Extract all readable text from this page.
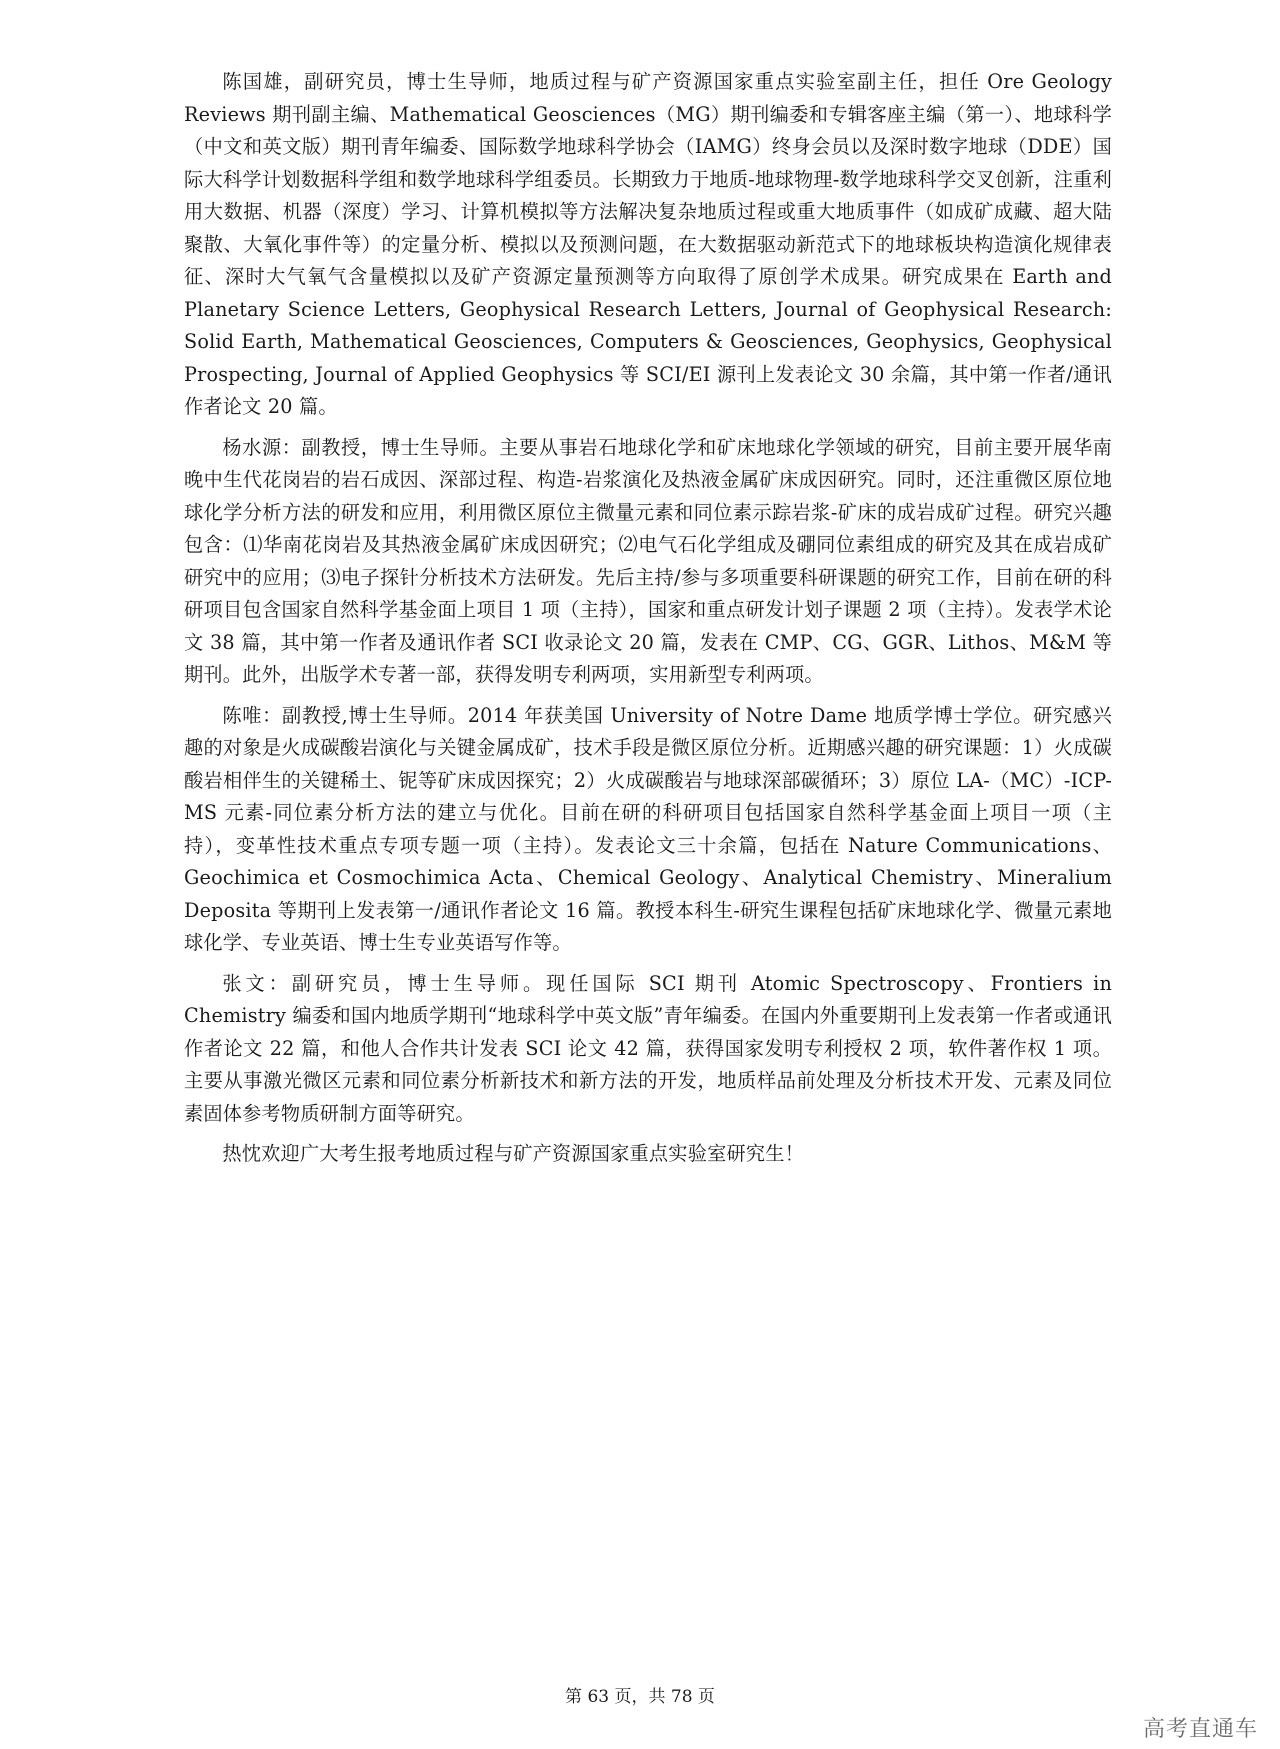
陈国雄，副研究员，博士生导师，地质过程与矿产资源国家重点实验室副主任，担任 Ore Geology Reviews 期刊副主编、Mathematical Geosciences（MG）期刊编委和专辑客座主编（第一）、地球科学（中文和英文版）期刊青年编委、国际数学地球科学协会（IAMG）终身会员以及深时数字地球（DDE）国际大科学计划数据科学组和数学地球科学组委员。长期致力于地质-地球物理-数学地球科学交叉创新，注重利用大数据、机器（深度）学习、计算机模拟等方法解决复杂地质过程或重大地质事件（如成矿成藏、超大陆聚散、大氧化事件等）的定量分析、模拟以及预测问题，在大数据驱动新范式下的地球板块构造演化规律表征、深时大气氧气含量模拟以及矿产资源定量预测等方向取得了原创学术成果。研究成果在 Earth and Planetary Science Letters, Geophysical Research Letters, Journal of Geophysical Research: Solid Earth, Mathematical Geosciences, Computers & Geosciences, Geophysics, Geophysical Prospecting, Journal of Applied Geophysics 等 SCI/EI 源刊上发表论文 30 余篇，其中第一作者/通讯作者论文 20 篇。

杨水源：副教授，博士生导师。主要从事岩石地球化学和矿床地球化学领域的研究，目前主要开展华南晚中生代花岗岩的岩石成因、深部过程、构造-岩浆演化及热液金属矿床成因研究。同时，还注重微区原位地球化学分析方法的研发和应用，利用微区原位主微量元素和同位素示踪岩浆-矿床的成岩成矿过程。研究兴趣包含：⑴华南花岗岩及其热液金属矿床成因研究；⑵电气石化学组成及硼同位素组成的研究及其在成岩成矿研究中的应用；⑶电子探针分析技术方法研发。先后主持/参与多项重要科研课题的研究工作，目前在研的科研项目包含国家自然科学基金面上项目 1 项（主持），国家和重点研发计划子课题 2 项（主持）。发表学术论文 38 篇，其中第一作者及通讯作者 SCI 收录论文 20 篇，发表在 CMP、CG、GGR、Lithos、M&M 等期刊。此外，出版学术专著一部，获得发明专利两项，实用新型专利两项。

陈唯：副教授,博士生导师。2014 年获美国 University of Notre Dame 地质学博士学位。研究感兴趣的对象是火成碳酸岩演化与关键金属成矿，技术手段是微区原位分析。近期感兴趣的研究课题：1）火成碳酸岩相伴生的关键稀土、铌等矿床成因探究；2）火成碳酸岩与地球深部碳循环；3）原位 LA-（MC）-ICP-MS 元素-同位素分析方法的建立与优化。目前在研的科研项目包括国家自然科学基金面上项目一项（主持），变革性技术重点专项专题一项（主持）。发表论文三十余篇，包括在 Nature Communications、Geochimica et Cosmochimica Acta、Chemical Geology、Analytical Chemistry、Mineralium Deposita 等期刊上发表第一/通讯作者论文 16 篇。教授本科生-研究生课程包括矿床地球化学、微量元素地球化学、专业英语、博士生专业英语写作等。

张文：副研究员，博士生导师。现任国际 SCI 期刊 Atomic Spectroscopy、Frontiers in Chemistry 编委和国内地质学期刊“地球科学中英文版”青年编委。在国内外重要期刊上发表第一作者或通讯作者论文 22 篇，和他人合作共计发表 SCI 论文 42 篇，获得国家发明专利授权 2 项，软件著作权 1 项。主要从事激光微区元素和同位素分析新技术和新方法的开发，地质样品前处理及分析技术开发、元素及同位素固体参考物质研制方面等研究。

热忱欢迎广大考生报考地质过程与矿产资源国家重点实验室研究生！

第 63 页，共 78 页
高考直通车
